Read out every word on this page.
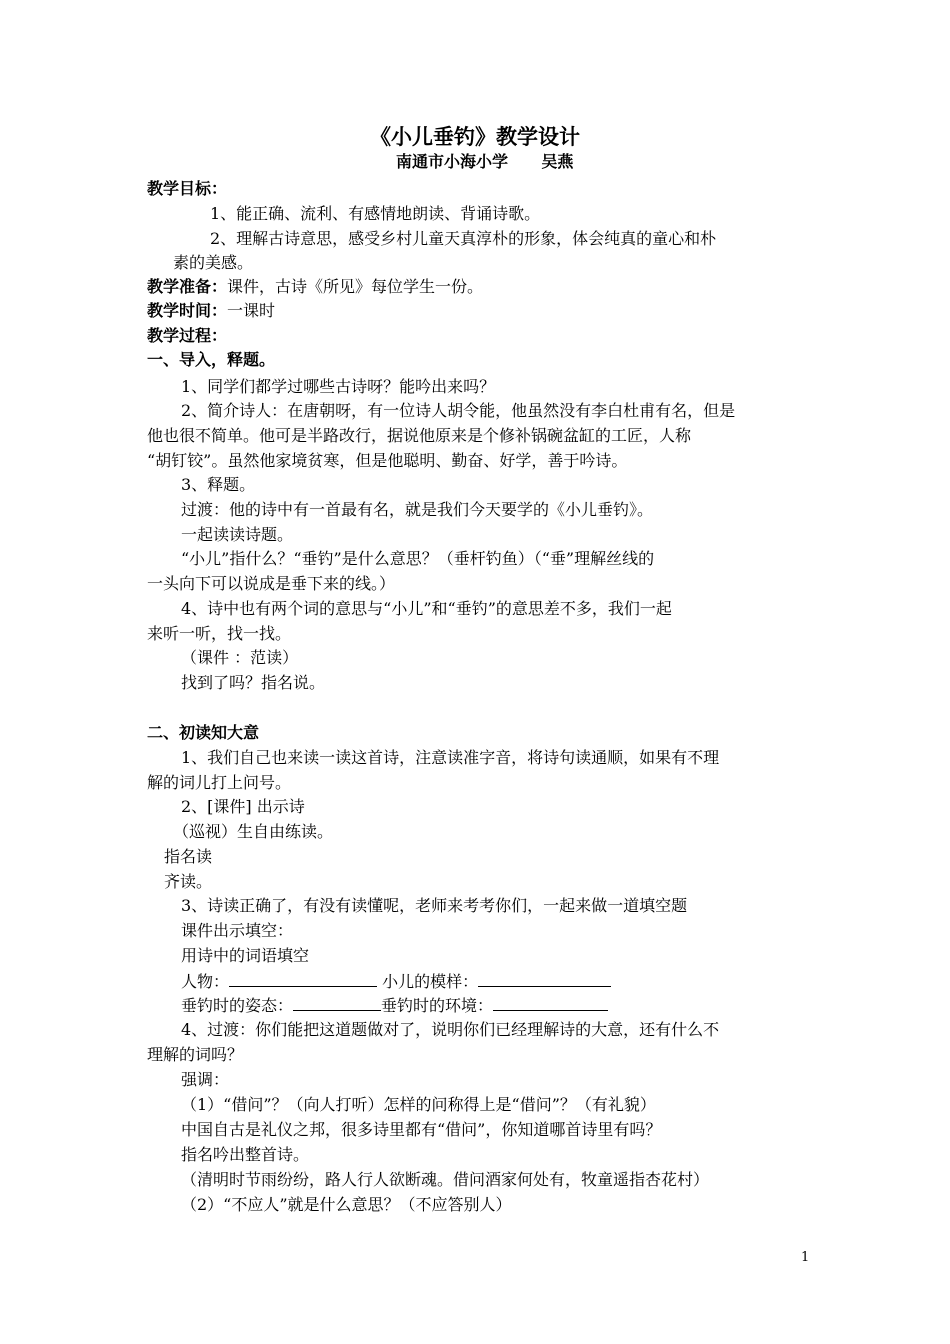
《小儿垂钓》教学设计
南通市小海小学      吴燕
教学目标：
1、能正确、流利、有感情地朗读、背诵诗歌。
2、理解古诗意思，感受乡村儿童天真淳朴的形象，体会纯真的童心和朴
素的美感。
教学准备：课件，古诗《所见》每位学生一份。
教学时间：一课时
教学过程：
一、导入，释题。
1、同学们都学过哪些古诗呀？能吟出来吗？
2、简介诗人：在唐朝呀，有一位诗人胡令能，他虽然没有李白杜甫有名，但是
他也很不简单。他可是半路改行，据说他原来是个修补锅碗盆缸的工匠，人称
“胡钉铰”。虽然他家境贫寒，但是他聪明、勤奋、好学，善于吟诗。
3、释题。
过渡：他的诗中有一首最有名，就是我们今天要学的《小儿垂钓》。
一起读读诗题。
“小儿”指什么？“垂钓”是什么意思？（垂杆钓鱼）（“垂”理解丝线的
一头向下可以说成是垂下来的线。）
4、诗中也有两个词的意思与“小儿”和“垂钓”的意思差不多，我们一起
来听一听，找一找。
（课件 ：范读）
找到了吗？指名说。
二、初读知大意
1、我们自己也来读一读这首诗，注意读准字音，将诗句读通顺，如果有不理
解的词儿打上问号。
2、[课件] 出示诗
（巡视）生自由练读。
指名读
齐读。
3、诗读正确了，有没有读懂呢，老师来考考你们，一起来做一道填空题
课件出示填空：
用诗中的词语填空
人物：	小儿的模样：
垂钓时的姿态：	垂钓时的环境：
4、过渡：你们能把这道题做对了，说明你们已经理解诗的大意，还有什么不
理解的词吗？
强调：
（1）“借问”？（向人打听）怎样的问称得上是“借问”？（有礼貌）
中国自古是礼仪之邦，很多诗里都有“借问”，你知道哪首诗里有吗？
指名吟出整首诗。
（清明时节雨纷纷，路人行人欲断魂。借问酒家何处有，牧童遥指杏花村）
（2）“不应人”就是什么意思？（不应答别人）
1
